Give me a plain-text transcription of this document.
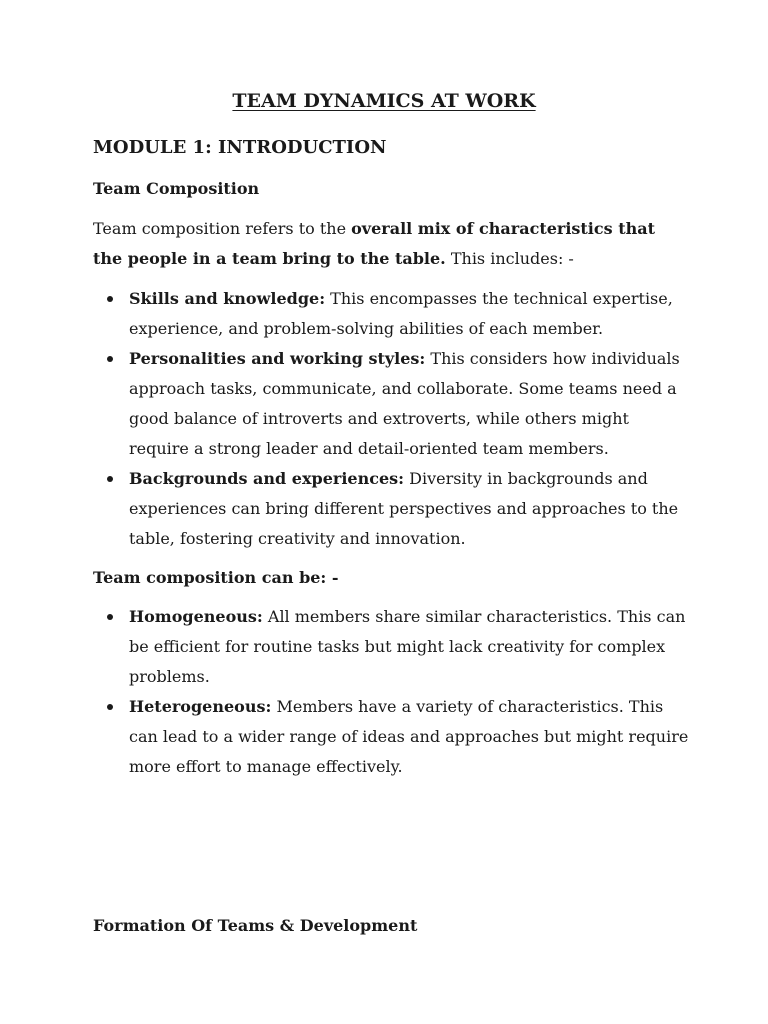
TEAM DYNAMICS AT WORK
MODULE 1: INTRODUCTION
Team Composition

Team composition refers to the overall mix of characteristics that the people in a team bring to the table. This includes: -

Skills and knowledge: This encompasses the technical expertise, experience, and problem-solving abilities of each member.
Personalities and working styles: This considers how individuals approach tasks, communicate, and collaborate. Some teams need a good balance of introverts and extroverts, while others might require a strong leader and detail-oriented team members.
Backgrounds and experiences: Diversity in backgrounds and experiences can bring different perspectives and approaches to the table, fostering creativity and innovation.
Team composition can be: -
Homogeneous: All members share similar characteristics. This can be efficient for routine tasks but might lack creativity for complex problems.
Heterogeneous: Members have a variety of characteristics. This can lead to a wider range of ideas and approaches but might require more effort to manage effectively.
Formation Of Teams & Development
